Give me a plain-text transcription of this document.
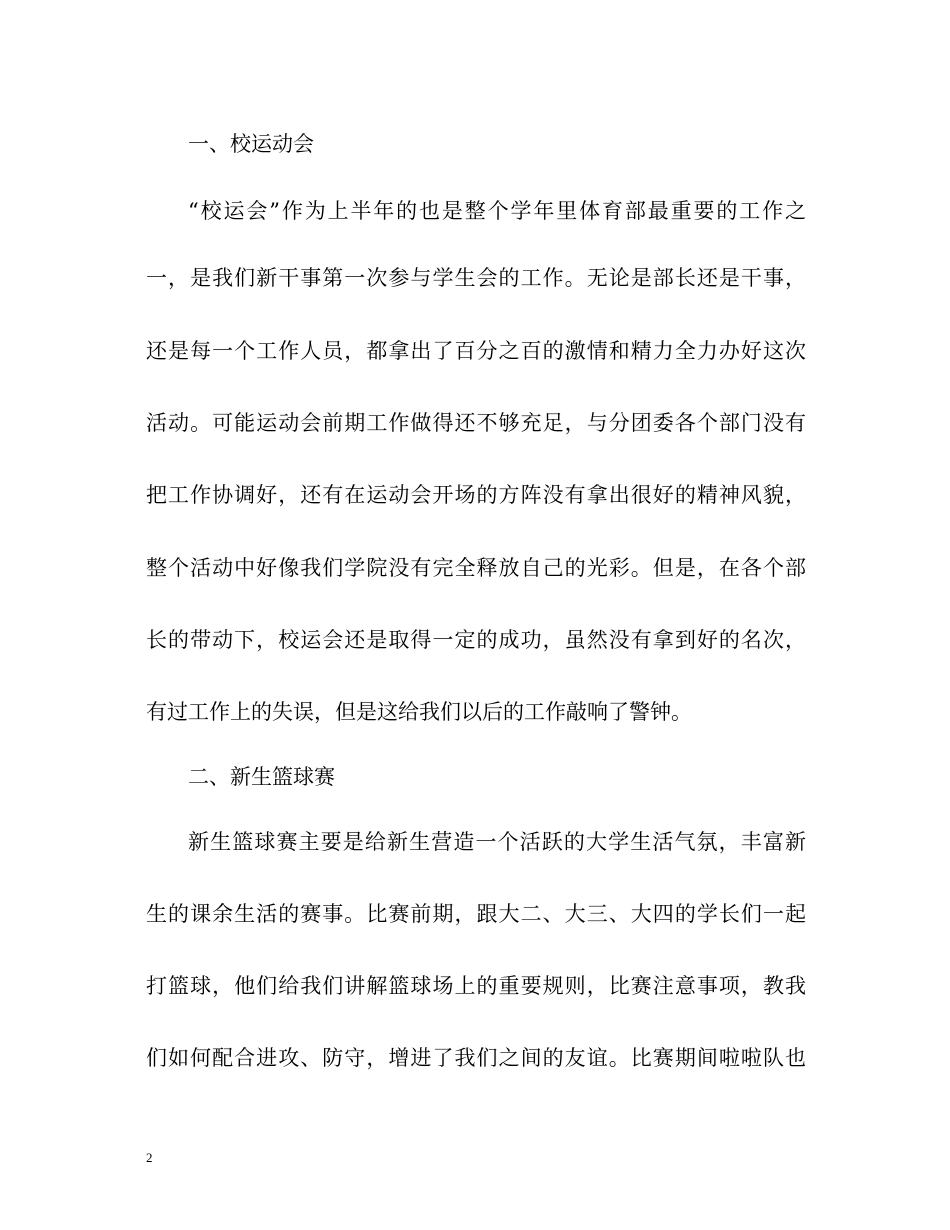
一、校运动会
“校运会”作为上半年的也是整个学年里体育部最重要的工作之
一，是我们新干事第一次参与学生会的工作。无论是部长还是干事，
还是每一个工作人员，都拿出了百分之百的激情和精力全力办好这次
活动。可能运动会前期工作做得还不够充足，与分团委各个部门没有
把工作协调好，还有在运动会开场的方阵没有拿出很好的精神风貌，
整个活动中好像我们学院没有完全释放自己的光彩。但是，在各个部
长的带动下，校运会还是取得一定的成功，虽然没有拿到好的名次，
有过工作上的失误，但是这给我们以后的工作敲响了警钟。
二、新生篮球赛
新生篮球赛主要是给新生营造一个活跃的大学生活气氛，丰富新
生的课余生活的赛事。比赛前期，跟大二、大三、大四的学长们一起
打篮球，他们给我们讲解篮球场上的重要规则，比赛注意事项，教我
们如何配合进攻、防守，增进了我们之间的友谊。比赛期间啦啦队也
2
